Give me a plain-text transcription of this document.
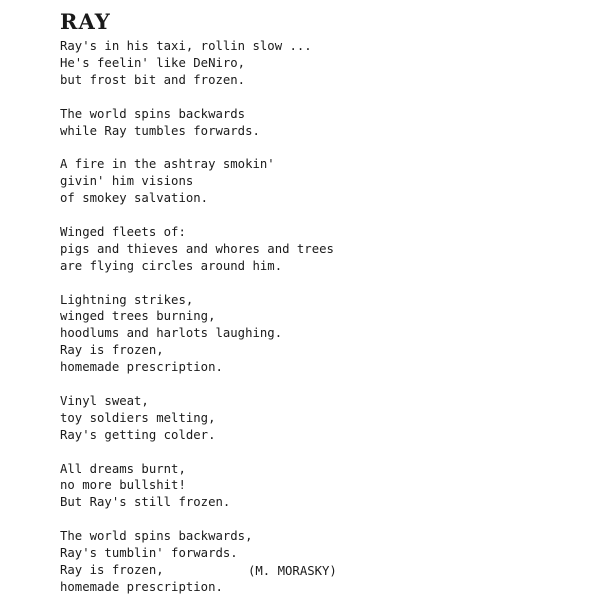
RAY
Ray's in his taxi, rollin slow ...
He's feelin' like DeNiro,
but frost bit and frozen.
The world spins backwards
while Ray tumbles forwards.
A fire in the ashtray smokin'
givin' him visions
of smokey salvation.
Winged fleets of:
pigs and thieves and whores and trees
are flying circles around him.
Lightning strikes,
winged trees burning,
hoodlums and harlots laughing.
Ray is frozen,
homemade prescription.
Vinyl sweat,
toy soldiers melting,
Ray's getting colder.
All dreams burnt,
no more bullshit!
But Ray's still frozen.
The world spins backwards,
Ray's tumblin' forwards.
Ray is frozen,
homemade prescription.
(M. MORASKY)
